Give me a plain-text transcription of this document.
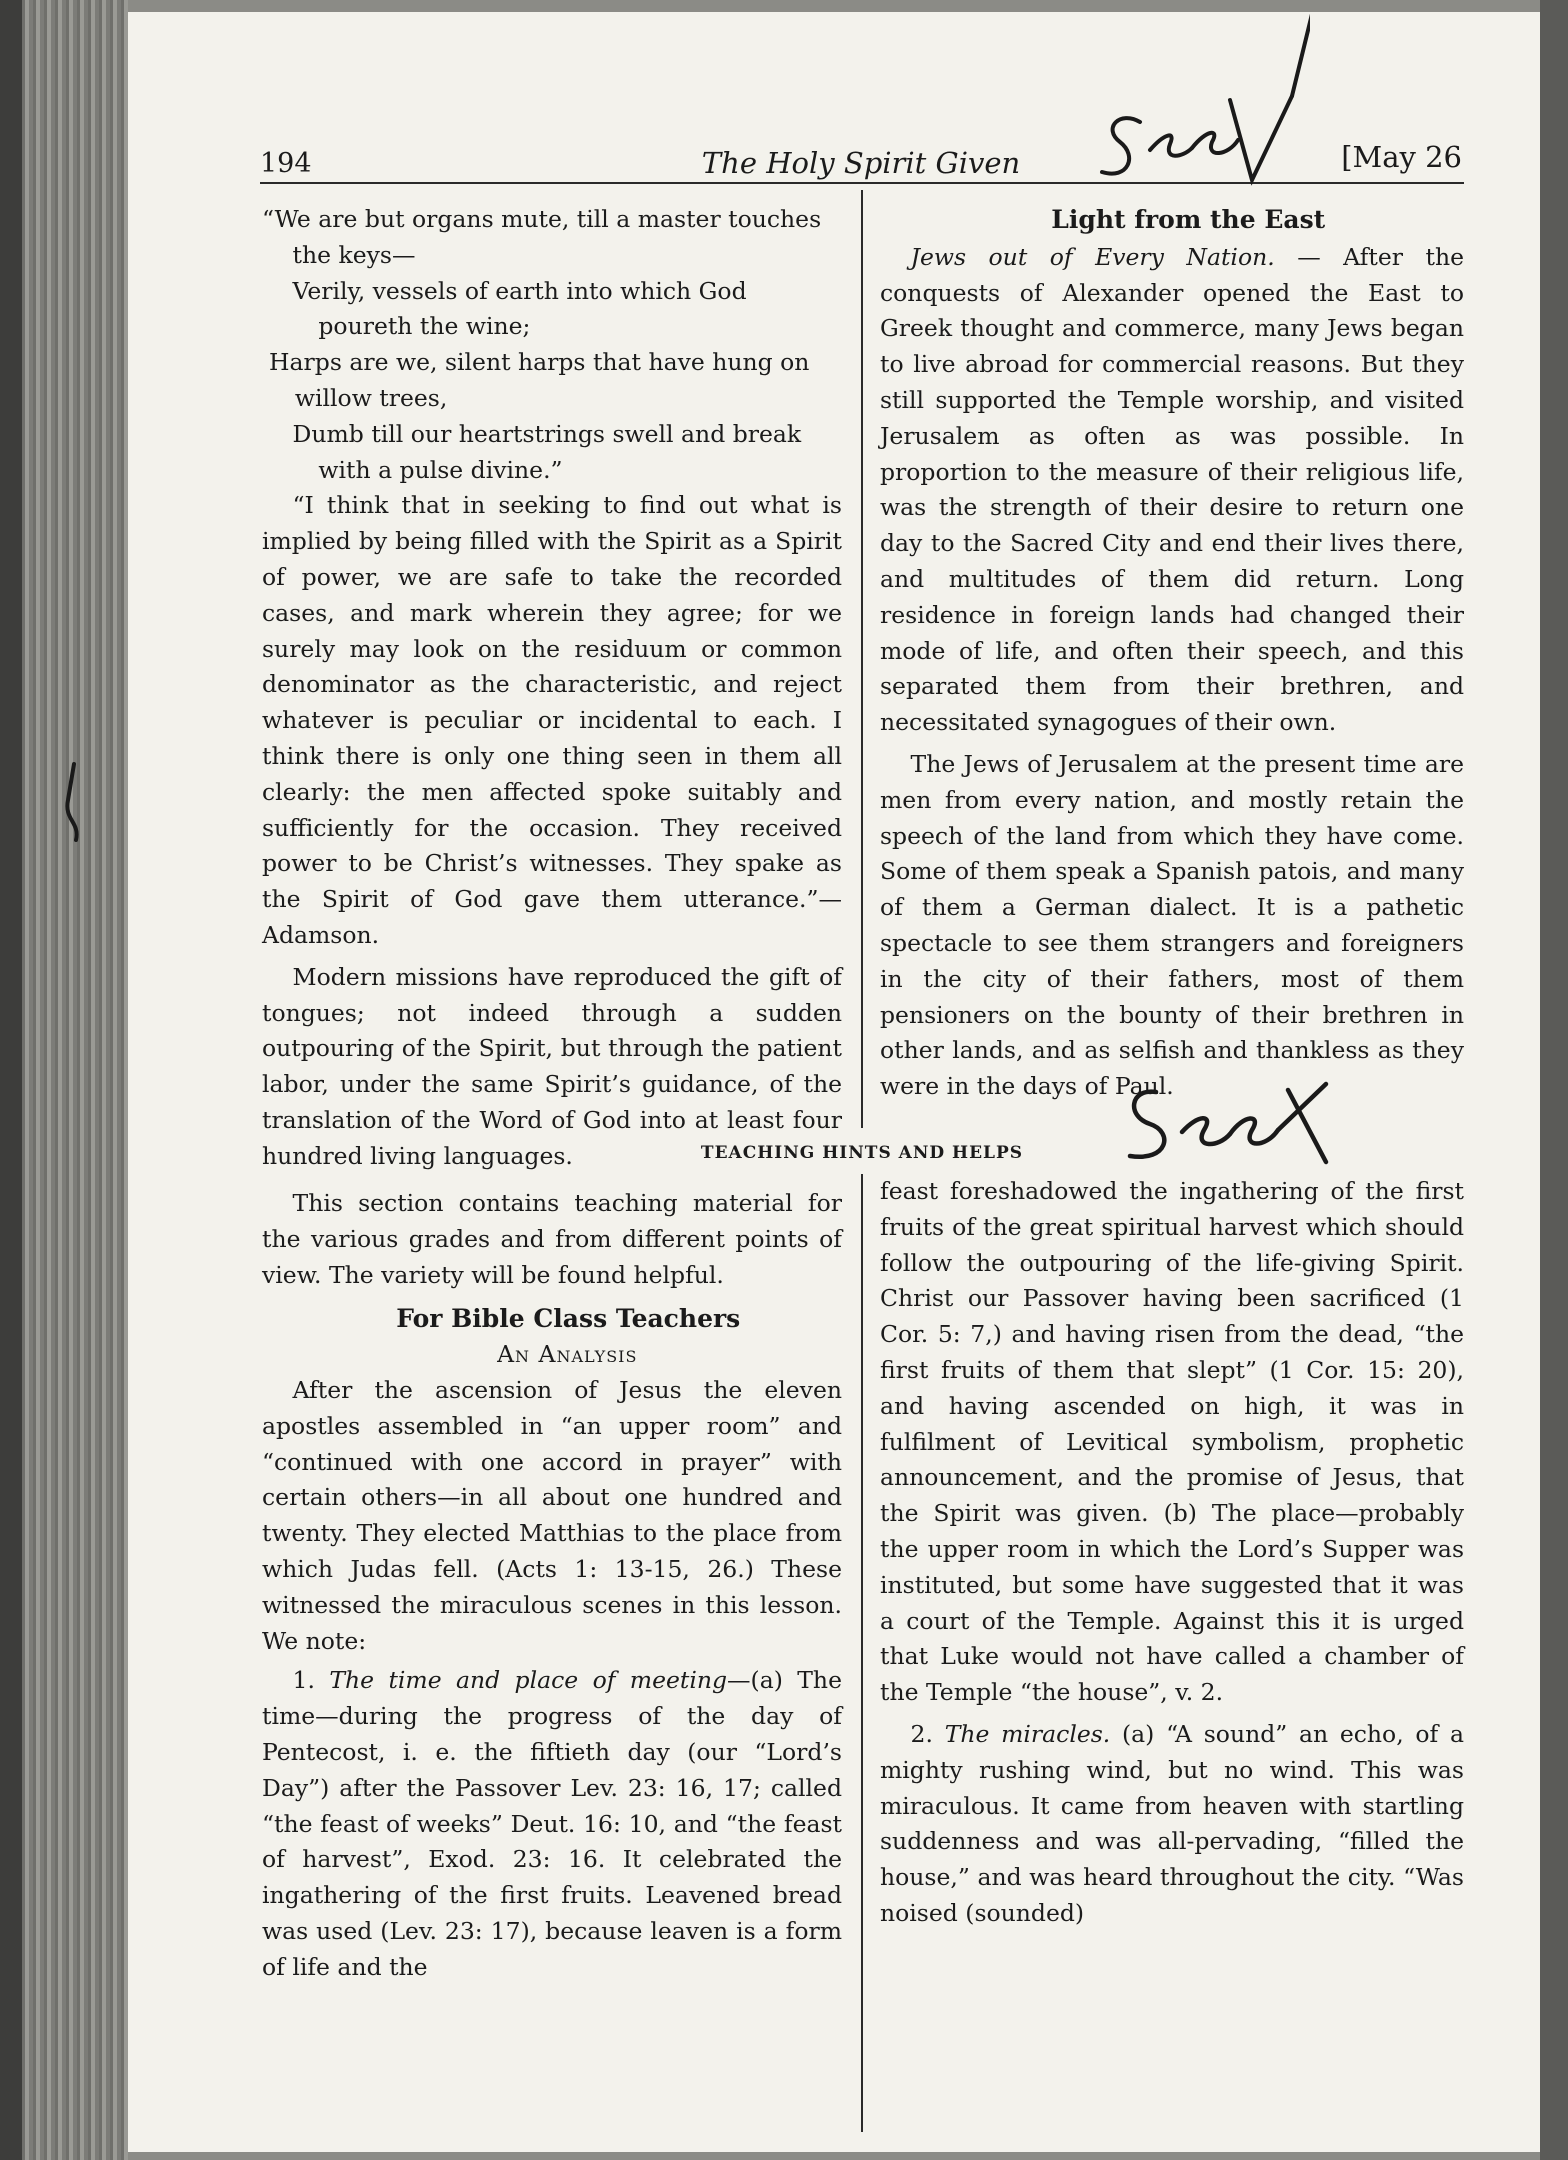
194	The Holy Spirit Given	[May 26

“We are but organs mute, till a master touches the keys—

Verily, vessels of earth into which God poureth the wine;

Harps are we, silent harps that have hung on willow trees,

Dumb till our heartstrings swell and break with a pulse divine.”

“I think that in seeking to find out what is implied by being filled with the Spirit as a Spirit of power, we are safe to take the recorded cases, and mark wherein they agree; for we surely may look on the residuum or common denominator as the characteristic, and reject whatever is peculiar or incidental to each. I think there is only one thing seen in them all clearly: the men affected spoke suitably and sufficiently for the occasion. They received power to be Christ’s witnesses. They spake as the Spirit of God gave them utterance.”—Adamson.

Modern missions have reproduced the gift of tongues; not indeed through a sudden outpouring of the Spirit, but through the patient labor, under the same Spirit’s guidance, of the translation of the Word of God into at least four hundred living languages.

Light from the East

Jews out of Every Nation. — After the conquests of Alexander opened the East to Greek thought and commerce, many Jews began to live abroad for commercial reasons. But they still supported the Temple worship, and visited Jerusalem as often as was possible. In proportion to the measure of their religious life, was the strength of their desire to return one day to the Sacred City and end their lives there, and multitudes of them did return. Long residence in foreign lands had changed their mode of life, and often their speech, and this separated them from their brethren, and necessitated synagogues of their own.

The Jews of Jerusalem at the present time are men from every nation, and mostly retain the speech of the land from which they have come. Some of them speak a Spanish patois, and many of them a German dialect. It is a pathetic spectacle to see them strangers and foreigners in the city of their fathers, most of them pensioners on the bounty of their brethren in other lands, and as selfish and thankless as they were in the days of Paul.

TEACHING HINTS AND HELPS

This section contains teaching material for the various grades and from different points of view. The variety will be found helpful.

For Bible Class Teachers

An Analysis

After the ascension of Jesus the eleven apostles assembled in “an upper room” and “continued with one accord in prayer” with certain others—in all about one hundred and twenty. They elected Matthias to the place from which Judas fell. (Acts 1: 13-15, 26.) These witnessed the miraculous scenes in this lesson. We note:

1. The time and place of meeting—(a) The time—during the progress of the day of Pentecost, i. e. the fiftieth day (our “Lord’s Day”) after the Passover Lev. 23: 16, 17; called “the feast of weeks” Deut. 16: 10, and “the feast of harvest”, Exod. 23: 16. It celebrated the ingathering of the first fruits. Leavened bread was used (Lev. 23: 17), because leaven is a form of life and the

feast foreshadowed the ingathering of the first fruits of the great spiritual harvest which should follow the outpouring of the life-giving Spirit. Christ our Passover having been sacrificed (1 Cor. 5: 7,) and having risen from the dead, “the first fruits of them that slept” (1 Cor. 15: 20), and having ascended on high, it was in fulfilment of Levitical symbolism, prophetic announcement, and the promise of Jesus, that the Spirit was given. (b) The place—probably the upper room in which the Lord’s Supper was instituted, but some have suggested that it was a court of the Temple. Against this it is urged that Luke would not have called a chamber of the Temple “the house”, v. 2.

2. The miracles. (a) “A sound” an echo, of a mighty rushing wind, but no wind. This was miraculous. It came from heaven with startling suddenness and was all-pervading, “filled the house,” and was heard throughout the city. “Was noised (sounded)
